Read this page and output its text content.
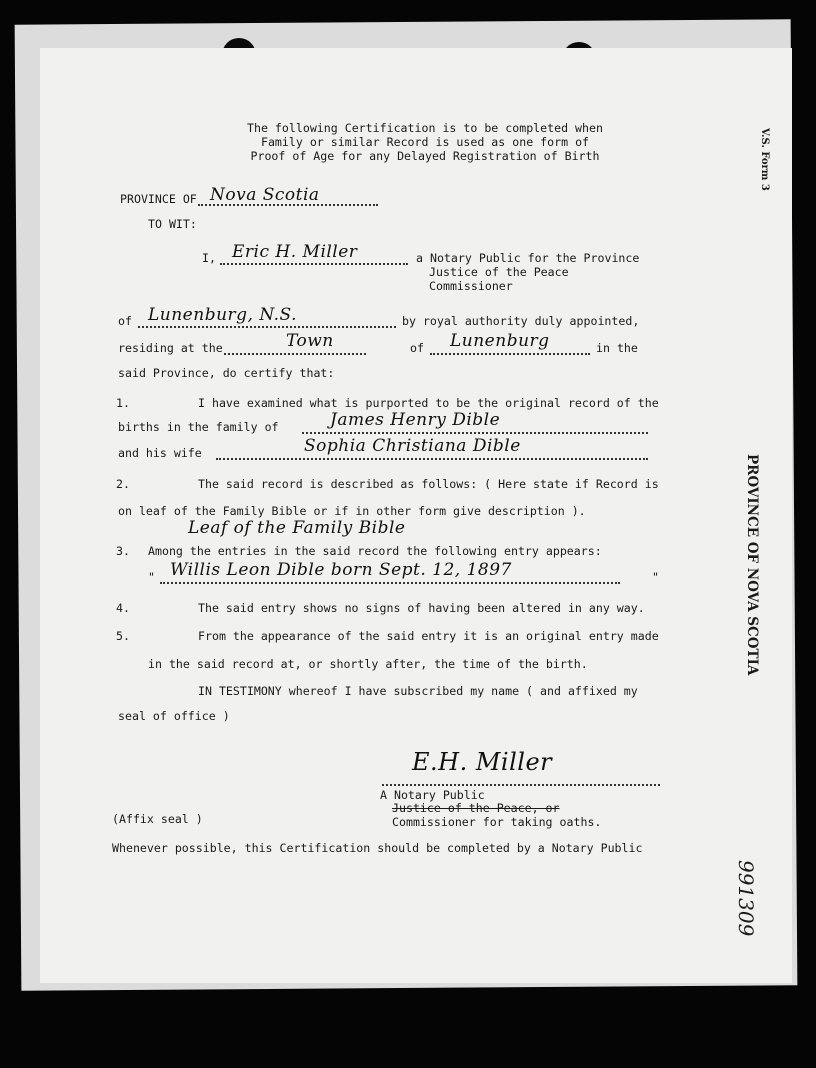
The following Certification is to be completed when
Family or similar Record is used as one form of
Proof of Age for any Delayed Registration of Birth
PROVINCE OF Nova Scotia
TO WIT:
I, Eric H. Miller	a Notary Public for the Province
Justice of the Peace
Commissioner
of Lunenburg, N.S.	by royal authority duly appointed,
residing at the	Town	of Lunenburg	in the
said Province, do certify that:
1.	I have examined what is purported to be the original record of the
births in the family of	James Henry Dible
and his wife	Sophia Christiana Dible
2.	The said record is described as follows: ( Here state if Record is
on leaf of the Family Bible or if in other form give description ).
Leaf of the Family Bible
3. Among the entries in the said record the following entry appears:
" Willis Leon Dible born Sept. 12, 1897	"
4.	The said entry shows no signs of having been altered in any way.
5.	From the appearance of the said entry it is an original entry made
in the said record at, or shortly after, the time of the birth.
IN TESTIMONY whereof I have subscribed my name ( and affixed my
seal of office )
E.H. Miller
A Notary Public
Justice of the Peace, or
Commissioner for taking oaths.
(Affix seal )
Whenever possible, this Certification should be completed by a Notary Public
V.S. Form 3
PROVINCE OF NOVA SCOTIA
991309
